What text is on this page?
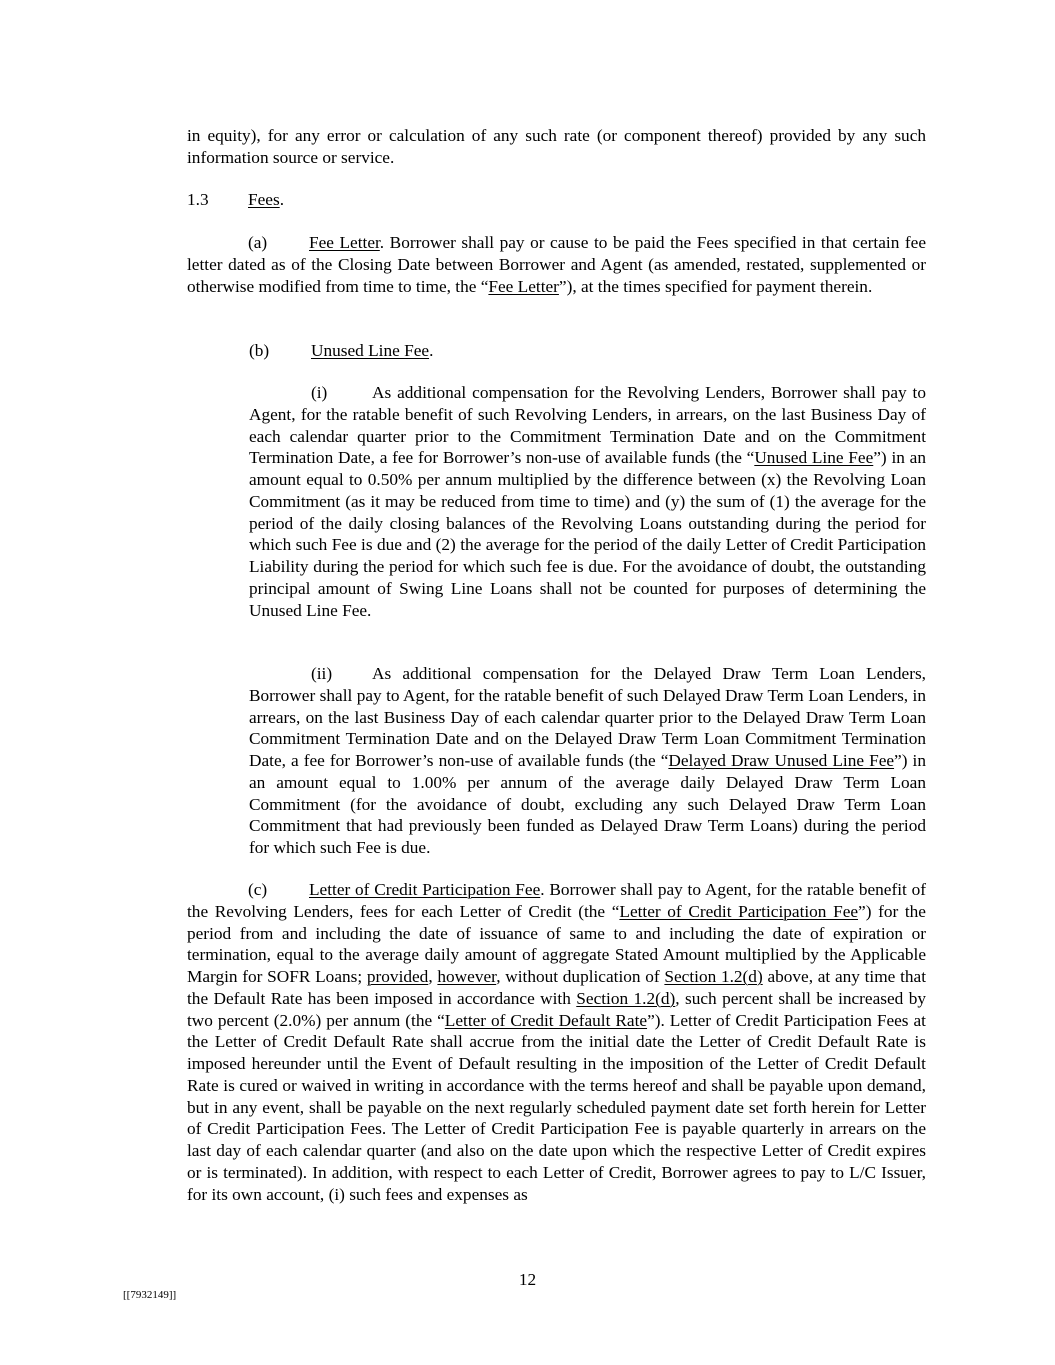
in equity), for any error or calculation of any such rate (or component thereof) provided by any such information source or service.

1.3 Fees.

(a) Fee Letter. Borrower shall pay or cause to be paid the Fees specified in that certain fee letter dated as of the Closing Date between Borrower and Agent (as amended, restated, supplemented or otherwise modified from time to time, the “Fee Letter”), at the times specified for payment therein.

(b) Unused Line Fee.

(i)	As additional compensation for the Revolving Lenders, Borrower shall pay to Agent, for the ratable benefit of such Revolving Lenders, in arrears, on the last Business Day of each calendar quarter prior to the Commitment Termination Date and on the Commitment Termination Date, a fee for Borrower’s non-use of available funds (the “Unused Line Fee”) in an amount equal to 0.50% per annum multiplied by the difference between (x) the Revolving Loan Commitment (as it may be reduced from time to time) and (y) the sum of (1) the average for the period of the daily closing balances of the Revolving Loans outstanding during the period for which such Fee is due and (2) the average for the period of the daily Letter of Credit Participation Liability during the period for which such fee is due. For the avoidance of doubt, the outstanding principal amount of Swing Line Loans shall not be counted for purposes of determining the Unused Line Fee.

(ii) As additional compensation for the Delayed Draw Term Loan Lenders, Borrower shall pay to Agent, for the ratable benefit of such Delayed Draw Term Loan Lenders, in arrears, on the last Business Day of each calendar quarter prior to the Delayed Draw Term Loan Commitment Termination Date and on the Delayed Draw Term Loan Commitment Termination Date, a fee for Borrower’s non-use of available funds (the “Delayed Draw Unused Line Fee”) in an amount equal to 1.00% per annum of the average daily Delayed Draw Term Loan Commitment (for the avoidance of doubt, excluding any such Delayed Draw Term Loan Commitment that had previously been funded as Delayed Draw Term Loans) during the period for which such Fee is due.

(c) Letter of Credit Participation Fee. Borrower shall pay to Agent, for the ratable benefit of the Revolving Lenders, fees for each Letter of Credit (the “Letter of Credit Participation Fee”) for the period from and including the date of issuance of same to and including the date of expiration or termination, equal to the average daily amount of aggregate Stated Amount multiplied by the Applicable Margin for SOFR Loans; provided, however, without duplication of Section 1.2(d) above, at any time that the Default Rate has been imposed in accordance with Section 1.2(d), such percent shall be increased by two percent (2.0%) per annum (the “Letter of Credit Default Rate”). Letter of Credit Participation Fees at the Letter of Credit Default Rate shall accrue from the initial date the Letter of Credit Default Rate is imposed hereunder until the Event of Default resulting in the imposition of the Letter of Credit Default Rate is cured or waived in writing in accordance with the terms hereof and shall be payable upon demand, but in any event, shall be payable on the next regularly scheduled payment date set forth herein for Letter of Credit Participation Fees. The Letter of Credit Participation Fee is payable quarterly in arrears on the last day of each calendar quarter (and also on the date upon which the respective Letter of Credit expires or is terminated). In addition, with respect to each Letter of Credit, Borrower agrees to pay to L/C Issuer, for its own account, (i) such fees and expenses as

12
[[7932149]]
